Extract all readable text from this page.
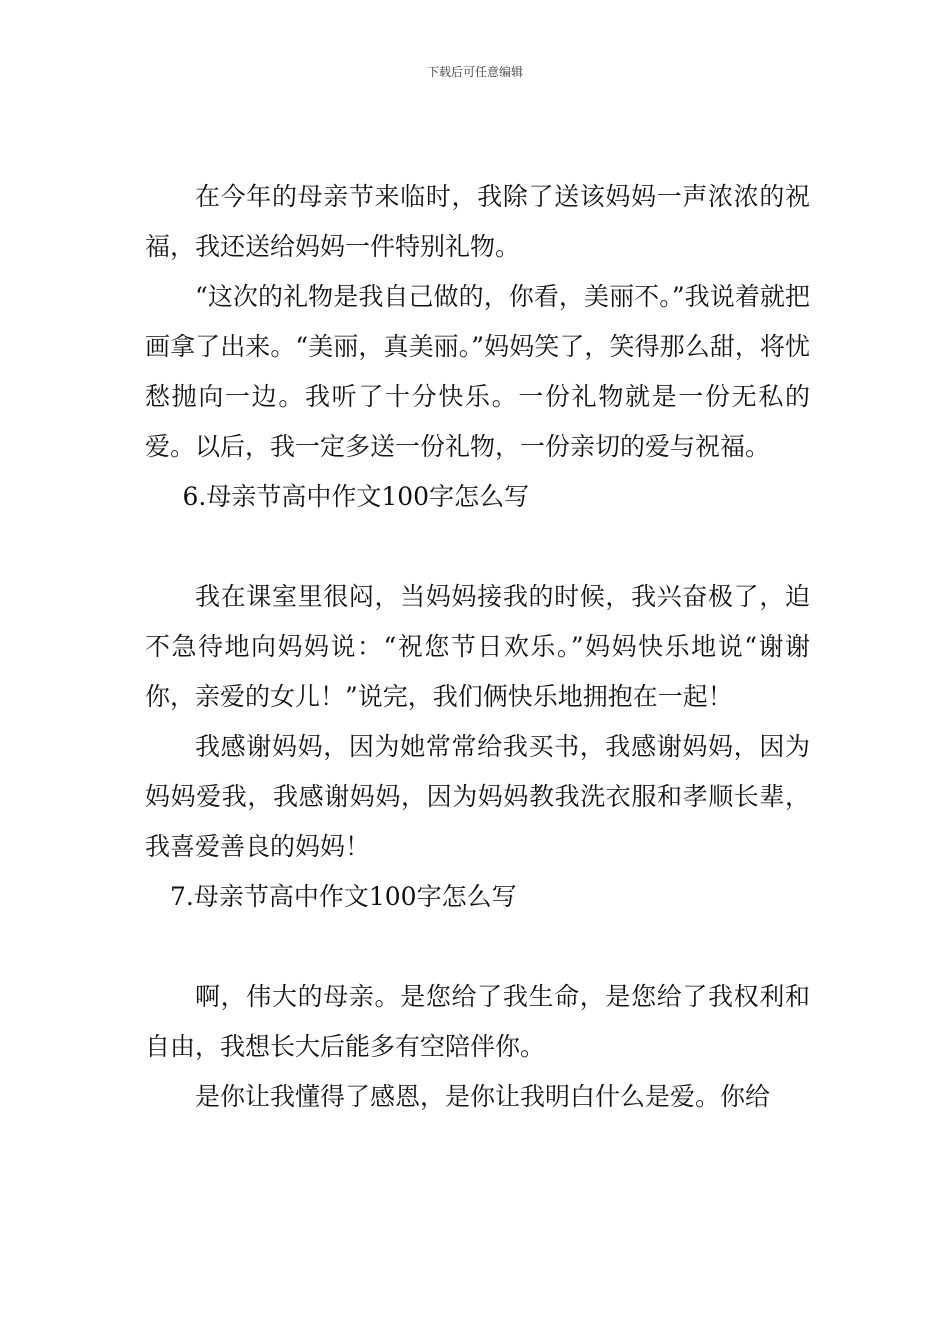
下载后可任意编辑

在今年的母亲节来临时，我除了送该妈妈一声浓浓的祝福，我还送给妈妈一件特别礼物。

“这次的礼物是我自己做的，你看，美丽不。”我说着就把画拿了出来。“美丽，真美丽。”妈妈笑了，笑得那么甜，将忧愁抛向一边。我听了十分快乐。一份礼物就是一份无私的爱。以后，我一定多送一份礼物，一份亲切的爱与祝福。

6.母亲节高中作文100字怎么写

我在课室里很闷，当妈妈接我的时候，我兴奋极了，迫不急待地向妈妈说：“祝您节日欢乐。”妈妈快乐地说“谢谢你，亲爱的女儿！”说完，我们俩快乐地拥抱在一起！

我感谢妈妈，因为她常常给我买书，我感谢妈妈，因为妈妈爱我，我感谢妈妈，因为妈妈教我洗衣服和孝顺长辈，我喜爱善良的妈妈！

7.母亲节高中作文100字怎么写

啊，伟大的母亲。是您给了我生命，是您给了我权利和自由，我想长大后能多有空陪伴你。

是你让我懂得了感恩，是你让我明白什么是爱。你给
